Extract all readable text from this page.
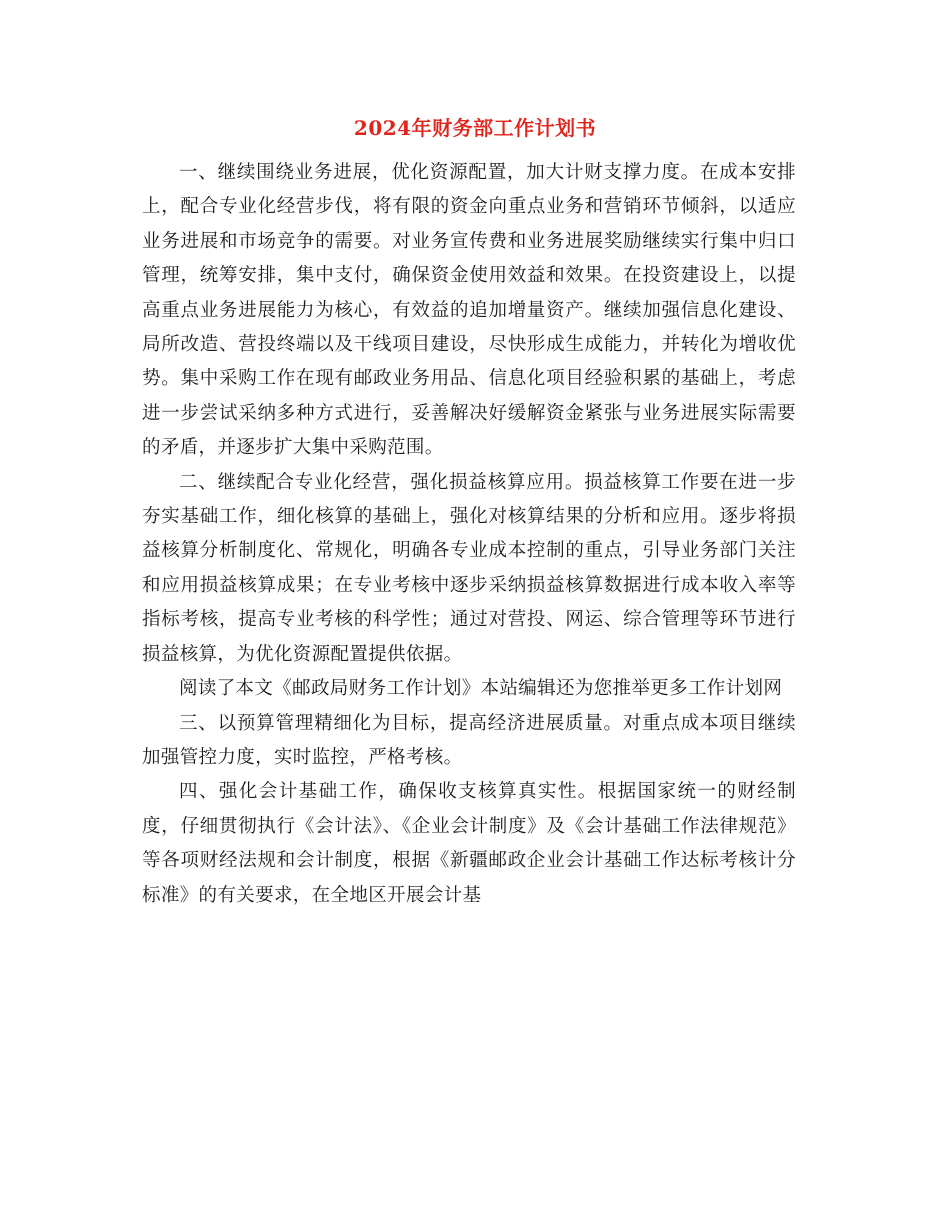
2024年财务部工作计划书

一、继续围绕业务进展，优化资源配置，加大计财支撑力度。在成本安排上，配合专业化经营步伐，将有限的资金向重点业务和营销环节倾斜，以适应业务进展和市场竞争的需要。对业务宣传费和业务进展奖励继续实行集中归口管理，统筹安排，集中支付，确保资金使用效益和效果。在投资建设上，以提高重点业务进展能力为核心，有效益的追加增量资产。继续加强信息化建设、局所改造、营投终端以及干线项目建设，尽快形成生成能力，并转化为增收优势。集中采购工作在现有邮政业务用品、信息化项目经验积累的基础上，考虑进一步尝试采纳多种方式进行，妥善解决好缓解资金紧张与业务进展实际需要的矛盾，并逐步扩大集中采购范围。

二、继续配合专业化经营，强化损益核算应用。损益核算工作要在进一步夯实基础工作，细化核算的基础上，强化对核算结果的分析和应用。逐步将损益核算分析制度化、常规化，明确各专业成本控制的重点，引导业务部门关注和应用损益核算成果；在专业考核中逐步采纳损益核算数据进行成本收入率等指标考核，提高专业考核的科学性；通过对营投、网运、综合管理等环节进行损益核算，为优化资源配置提供依据。

阅读了本文《邮政局财务工作计划》本站编辑还为您推举更多工作计划网

三、以预算管理精细化为目标，提高经济进展质量。对重点成本项目继续加强管控力度，实时监控，严格考核。

四、强化会计基础工作，确保收支核算真实性。根据国家统一的财经制度，仔细贯彻执行《会计法》、《企业会计制度》及《会计基础工作法律规范》等各项财经法规和会计制度，根据《新疆邮政企业会计基础工作达标考核计分标准》的有关要求，在全地区开展会计基
